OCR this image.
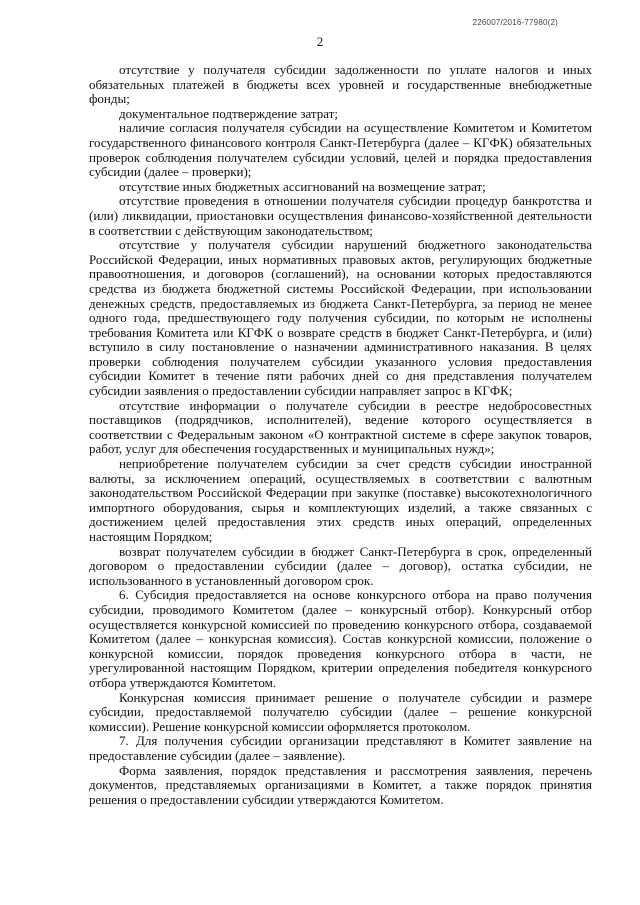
226007/2016-77980(2)
2

отсутствие у получателя субсидии задолженности по уплате налогов и иных обязательных платежей в бюджеты всех уровней и государственные внебюджетные фонды;

документальное подтверждение затрат;

наличие согласия получателя субсидии на осуществление Комитетом и Комитетом государственного финансового контроля Санкт-Петербурга (далее – КГФК) обязательных проверок соблюдения получателем субсидии условий, целей и порядка предоставления субсидии (далее – проверки);

отсутствие иных бюджетных ассигнований на возмещение затрат;

отсутствие проведения в отношении получателя субсидии процедур банкротства и (или) ликвидации, приостановки осуществления финансово-хозяйственной деятельности в соответствии с действующим законодательством;

отсутствие у получателя субсидии нарушений бюджетного законодательства Российской Федерации, иных нормативных правовых актов, регулирующих бюджетные правоотношения, и договоров (соглашений), на основании которых предоставляются средства из бюджета бюджетной системы Российской Федерации, при использовании денежных средств, предоставляемых из бюджета Санкт-Петербурга, за период не менее одного года, предшествующего году получения субсидии, по которым не исполнены требования Комитета или КГФК о возврате средств в бюджет Санкт-Петербурга, и (или) вступило в силу постановление о назначении административного наказания. В целях проверки соблюдения получателем субсидии указанного условия предоставления субсидии Комитет в течение пяти рабочих дней со дня представления получателем субсидии заявления о предоставлении субсидии направляет запрос в КГФК;

отсутствие информации о получателе субсидии в реестре недобросовестных поставщиков (подрядчиков, исполнителей), ведение которого осуществляется в соответствии с Федеральным законом «О контрактной системе в сфере закупок товаров, работ, услуг для обеспечения государственных и муниципальных нужд»;

неприобретение получателем субсидии за счет средств субсидии иностранной валюты, за исключением операций, осуществляемых в соответствии с валютным законодательством Российской Федерации при закупке (поставке) высокотехнологичного импортного оборудования, сырья и комплектующих изделий, а также связанных с достижением целей предоставления этих средств иных операций, определенных настоящим Порядком;

возврат получателем субсидии в бюджет Санкт-Петербурга в срок, определенный договором о предоставлении субсидии (далее – договор), остатка субсидии, не использованного в установленный договором срок.

6. Субсидия предоставляется на основе конкурсного отбора на право получения субсидии, проводимого Комитетом (далее – конкурсный отбор). Конкурсный отбор осуществляется конкурсной комиссией по проведению конкурсного отбора, создаваемой Комитетом (далее – конкурсная комиссия). Состав конкурсной комиссии, положение о конкурсной комиссии, порядок проведения конкурсного отбора в части, не урегулированной настоящим Порядком, критерии определения победителя конкурсного отбора утверждаются Комитетом.

Конкурсная комиссия принимает решение о получателе субсидии и размере субсидии, предоставляемой получателю субсидии (далее – решение конкурсной комиссии). Решение конкурсной комиссии оформляется протоколом.

7. Для получения субсидии организации представляют в Комитет заявление на предоставление субсидии (далее – заявление).

Форма заявления, порядок представления и рассмотрения заявления, перечень документов, представляемых организациями в Комитет, а также порядок принятия решения о предоставлении субсидии утверждаются Комитетом.
